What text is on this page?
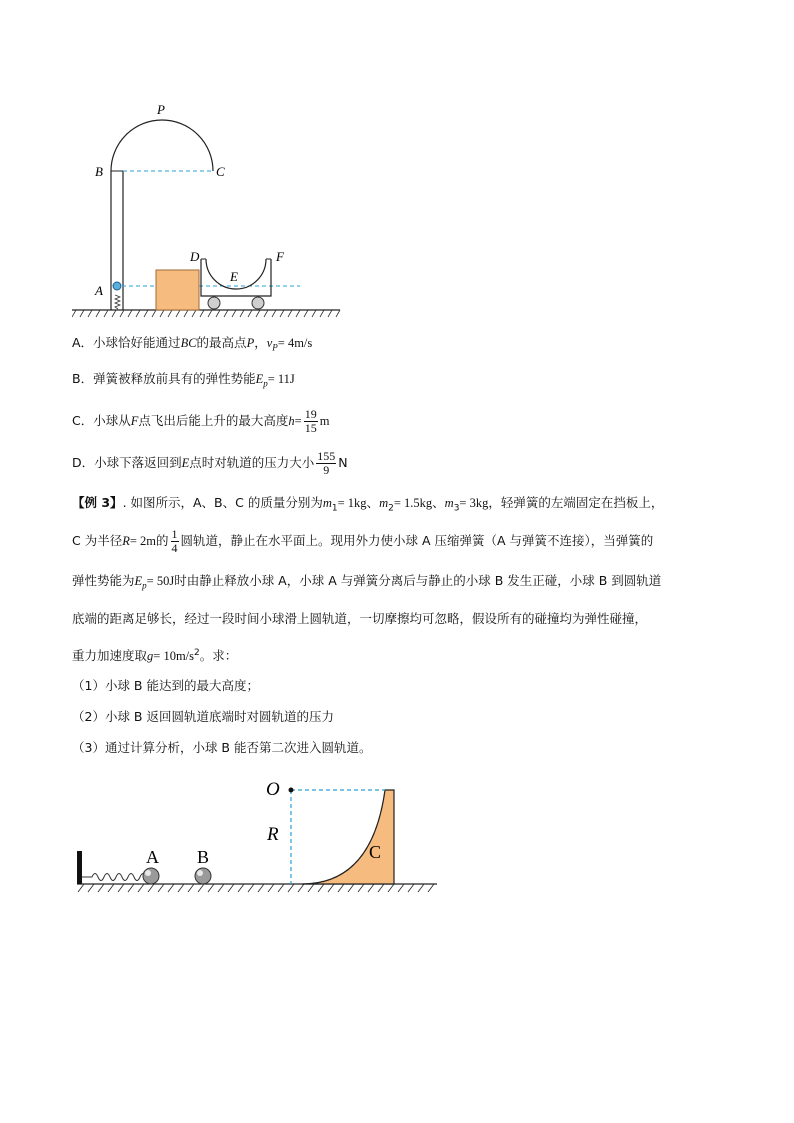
P
B	C
A
D
E
F
A．小球恰好能通过BC的最高点P，$v_P= 4m/s$
B．弹簧被释放前具有的弹性势能$E_p= 11J$
C．小球从F点飞出后能上升的最大高度$h= \frac{19}{15}$ m
D．小球下落返回到E点时对轨道的压力大小 $\frac{155}{9}$ N
【例 3】. 如图所示，A、B、C 的质量分别为$m_1= 1kg$、$m_2= 1.5kg$、$m_3= 3kg$，轻弹簧的左端固定在挡板上，
C 为半径R= 2m的 $\frac{1}{4}$ 圆轨道，静止在水平面上。现用外力使小球 A 压缩弹簧（A 与弹簧不连接），当弹簧的
弹性势能为$E_p= 50J$时由静止释放小球 A，小球 A 与弹簧分离后与静止的小球 B 发生正碰，小球 B 到圆轨道
底端的距离足够长，经过一段时间小球滑上圆轨道，一切摩擦均可忽略，假设所有的碰撞均为弹性碰撞，
重力加速度取$g= 10m/s^2$。求：
（1）小球 B 能达到的最大高度；
（2）小球 B 返回圆轨道底端时对圆轨道的压力
（3）通过计算分析，小球 B 能否第二次进入圆轨道。
O
R
A B	C
